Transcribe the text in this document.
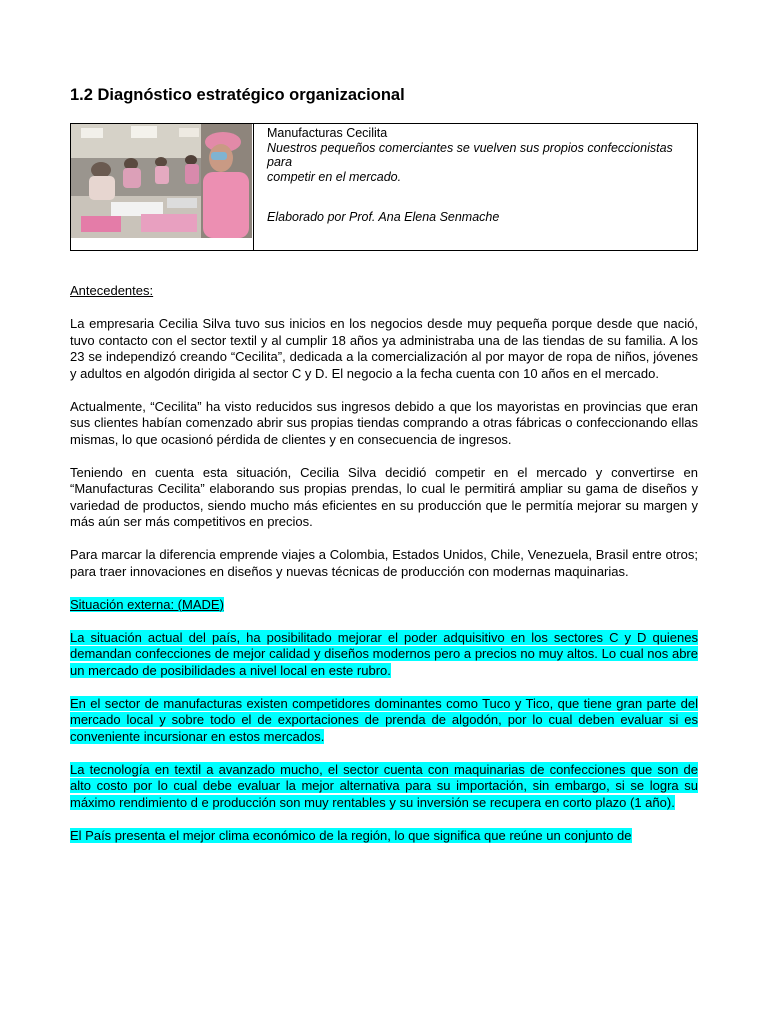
1.2 Diagnóstico estratégico organizacional

Manufacturas Cecilita

Nuestros pequeños comerciantes se vuelven sus propios confeccionistas para

competir en el mercado.

Elaborado por Prof. Ana Elena Senmache

Antecedentes:

La empresaria Cecilia Silva tuvo sus inicios en los negocios desde muy pequeña porque desde que nació, tuvo contacto con el sector textil y al cumplir 18 años ya administraba una de las tiendas de su familia. A los 23 se independizó creando “Cecilita”, dedicada a la comercialización al por mayor de ropa de niños, jóvenes y adultos en algodón dirigida al sector C y D. El negocio a la fecha cuenta con 10 años en el mercado.

Actualmente, “Cecilita” ha visto reducidos sus ingresos debido a que los mayoristas en provincias que eran sus clientes habían comenzado abrir sus propias tiendas comprando a otras fábricas o confeccionando ellas mismas, lo que ocasionó pérdida de clientes y en consecuencia de ingresos.

Teniendo en cuenta esta situación, Cecilia Silva decidió competir en el mercado y convertirse en “Manufacturas Cecilita” elaborando sus propias prendas, lo cual le permitirá ampliar su gama de diseños y variedad de productos, siendo mucho más eficientes en su producción que le permitía mejorar su margen y más aún ser más competitivos en precios.

Para marcar la diferencia emprende viajes a Colombia, Estados Unidos, Chile, Venezuela, Brasil entre otros; para traer innovaciones en diseños y nuevas técnicas de producción con modernas maquinarias.

Situación externa: (MADE)

La situación actual del país, ha posibilitado mejorar el poder adquisitivo en los sectores C y D quienes demandan confecciones de mejor calidad y diseños modernos pero a precios no muy altos. Lo cual nos abre un mercado de posibilidades a nivel local en este rubro.

En el sector de manufacturas existen competidores dominantes como Tuco y Tico, que tiene gran parte del mercado local y sobre todo el de exportaciones de prenda de algodón, por lo cual deben evaluar si es conveniente incursionar en estos mercados.

La tecnología en textil a avanzado mucho, el sector cuenta con maquinarias de confecciones que son de alto costo por lo cual debe evaluar la mejor alternativa para su importación, sin embargo, si se logra su máximo rendimiento d e producción son muy rentables y su inversión se recupera en corto plazo (1 año).

El País presenta el mejor clima económico de la región, lo que significa que reúne un conjunto de
